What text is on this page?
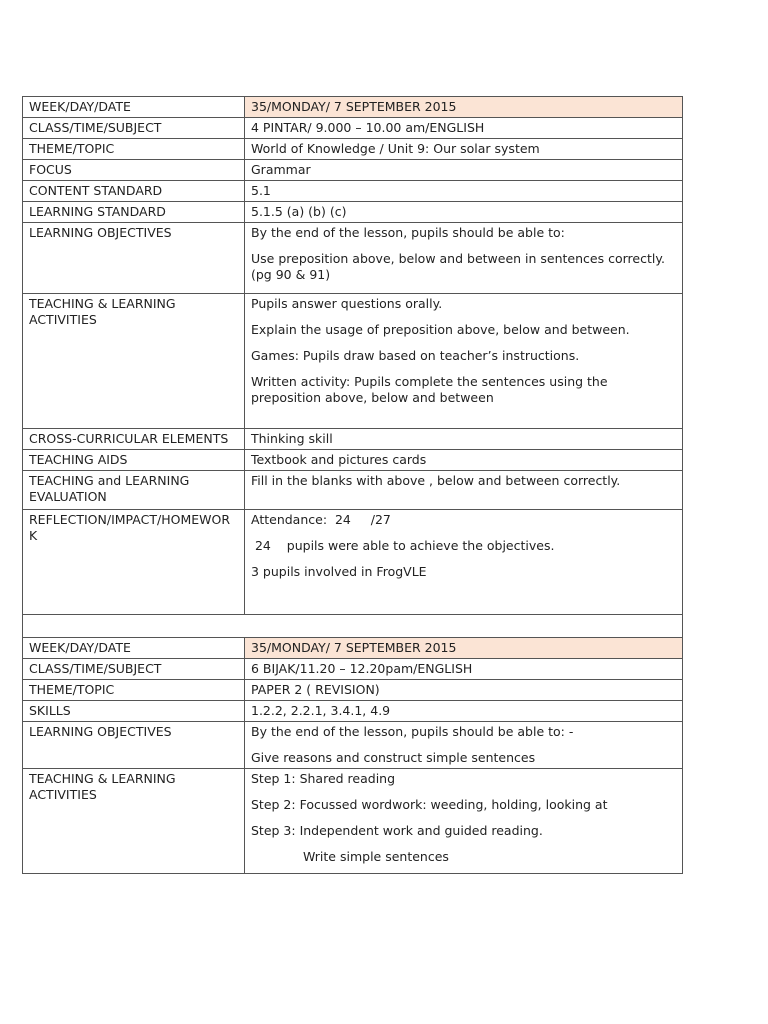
WEEK/DAY/DATE	35/MONDAY/ 7 SEPTEMBER 2015
CLASS/TIME/SUBJECT	4 PINTAR/ 9.000 – 10.00 am/ENGLISH
THEME/TOPIC	World of Knowledge / Unit 9: Our solar system
FOCUS	Grammar
CONTENT STANDARD	5.1
LEARNING STANDARD	5.1.5 (a) (b) (c)
LEARNING OBJECTIVES	By the end of the lesson, pupils should be able to:

Use preposition above, below and between in sentences correctly. (pg 90 & 91)

TEACHING & LEARNING ACTIVITIES	Pupils answer questions orally.

Explain the usage of preposition above, below and between.

Games: Pupils draw based on teacher’s instructions.

Written activity: Pupils complete the sentences using the preposition above, below and between

CROSS-CURRICULAR ELEMENTS	Thinking skill
TEACHING AIDS	Textbook and pictures cards
TEACHING and LEARNING EVALUATION	Fill in the blanks with above , below and between correctly.
REFLECTION/IMPACT/HOMEWORK	Attendance:  24     /27

24    pupils were able to achieve the objectives.

3 pupils involved in FrogVLE

WEEK/DAY/DATE	35/MONDAY/ 7 SEPTEMBER 2015
CLASS/TIME/SUBJECT	6 BIJAK/11.20 – 12.20pam/ENGLISH
THEME/TOPIC	PAPER 2 ( REVISION)
SKILLS	1.2.2, 2.2.1, 3.4.1, 4.9
LEARNING OBJECTIVES	By the end of the lesson, pupils should be able to: -

Give reasons and construct simple sentences

TEACHING & LEARNING ACTIVITIES	Step 1: Shared reading

Step 2: Focussed wordwork: weeding, holding, looking at

Step 3: Independent work and guided reading.

Write simple sentences
